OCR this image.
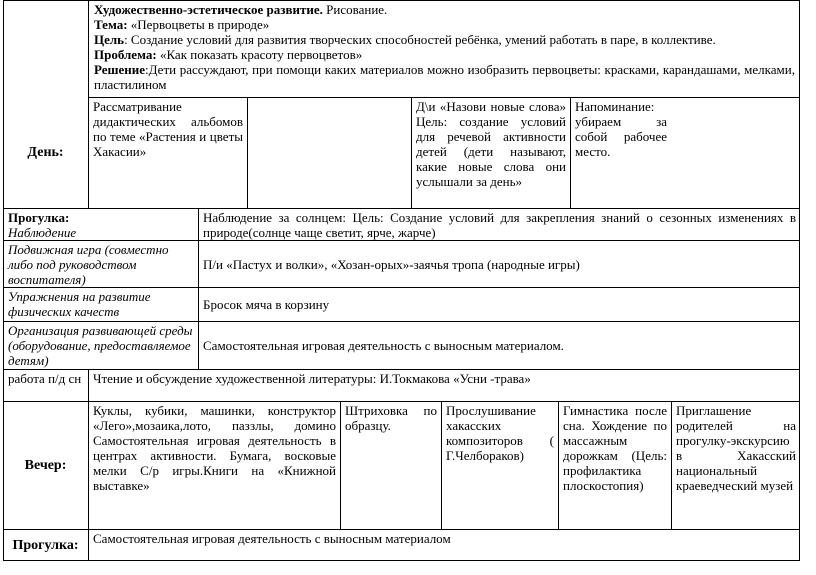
Художественно-эстетическое развитие. Рисование.
Тема: «Первоцветы в природе»
Цель: Создание условий для развития творческих способностей ребёнка, умений работать в паре, в коллективе.
Проблема: «Как показать красоту первоцветов»
Решение:Дети рассуждают, при помощи каких материалов можно изобразить первоцветы: красками, карандашами, мелками, пластилином
День:
Рассматривание дидактических альбомов по теме «Растения и цветы Хакасии»
Д\и «Назови новые слова» Цель: создание условий для речевой активности детей (дети называют, какие новые слова они услышали за день»
Напоминание: убираем за собой рабочее место.
Прогулка:
Наблюдение
Наблюдение за солнцем: Цель: Создание условий для закрепления знаний о сезонных изменениях в природе(солнце чаще светит, ярче, жарче)
Подвижная игра (совместно либо под руководством воспитателя)
П/и «Пастух и волки», «Хозан-орых»-заячья тропа (народные игры)
Упражнения на развитие физических качеств	Бросок мяча в корзину
Организация развивающей среды (оборудование, предоставляемое детям)
Самостоятельная игровая деятельность с выносным материалом.
работа п/д сн Чтение и обсуждение художественной литературы: И.Токмакова «Усни -трава»
Вечер:
Куклы, кубики, машинки, конструктор «Лего»,мозаика,лото, паззлы, домино Самостоятельная игровая деятельность в центрах активности. Бумага, восковые мелки С/р игры.Книги на «Книжной выставке»
Штриховка по образцу.
Прослушивание хакасских композиторов ( Г.Челбораков)
Гимнастика после сна. Хождение по массажным дорожкам (Цель: профилактика плоскостопия)
Приглашение родителей на прогулку-экскурсию в Хакасский национальный краеведческий музей
Прогулка:	Самостоятельная игровая деятельность с выносным материалом
